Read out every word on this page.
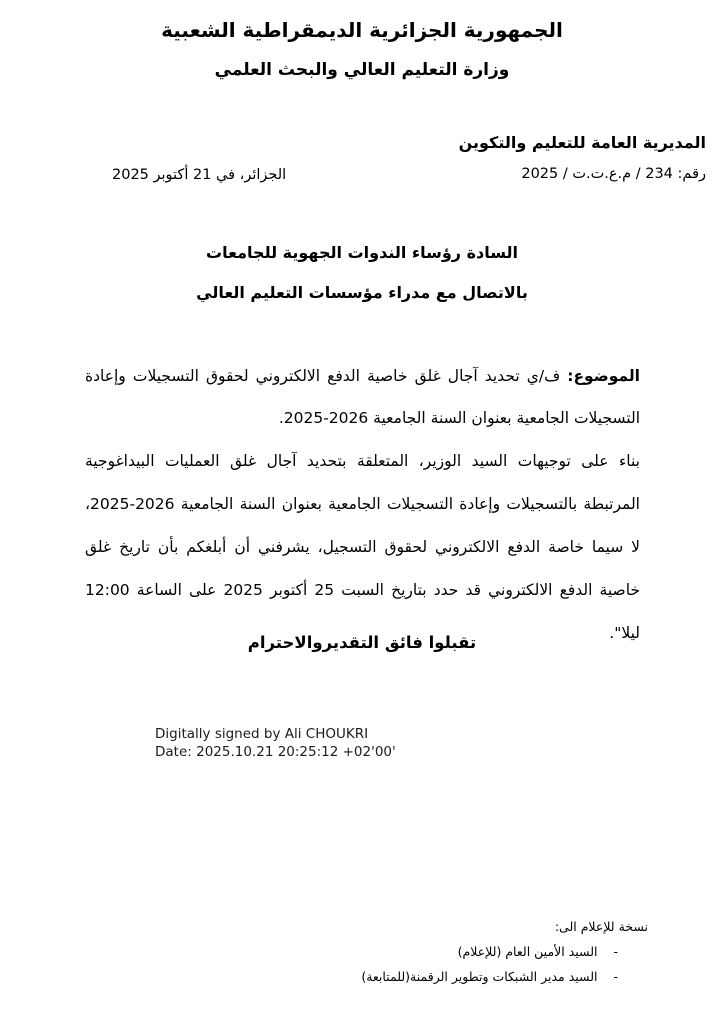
الجمهورية الجزائرية الديمقراطية الشعبية
وزارة التعليم العالي والبحث العلمي
المديرية العامة للتعليم والتكوين
رقم: 234 / م.ع.ت.ت / 2025
الجزائر، في 21 أكتوبر 2025
السادة رؤساء الندوات الجهوية للجامعات
بالاتصال مع مدراء مؤسسات التعليم العالي
الموضوع: ف/ي تحديد آجال غلق خاصية الدفع الالكتروني لحقوق التسجيلات وإعادة التسجيلات الجامعية بعنوان السنة الجامعية 2026-2025.
بناء على توجيهات السيد الوزير، المتعلقة بتحديد آجال غلق العمليات البيداغوجية المرتبطة بالتسجيلات وإعادة التسجيلات الجامعية بعنوان السنة الجامعية 2026-2025، لا سيما خاصة الدفع الالكتروني لحقوق التسجيل، يشرفني أن أبلغكم بأن تاريخ غلق خاصية الدفع الالكتروني قد حدد بتاريخ السبت 25 أكتوبر 2025 على الساعة 12:00 ليلا".
تقبلوا فائق التقديروالاحترام
Digitally signed by Ali CHOUKRI
Date: 2025.10.21 20:25:12 +02'00'
نسخة للإعلام الى:
-
السيد الأمين العام (للإعلام)
-
السيد مدير الشبكات وتطوير الرقمنة(للمتابعة)
